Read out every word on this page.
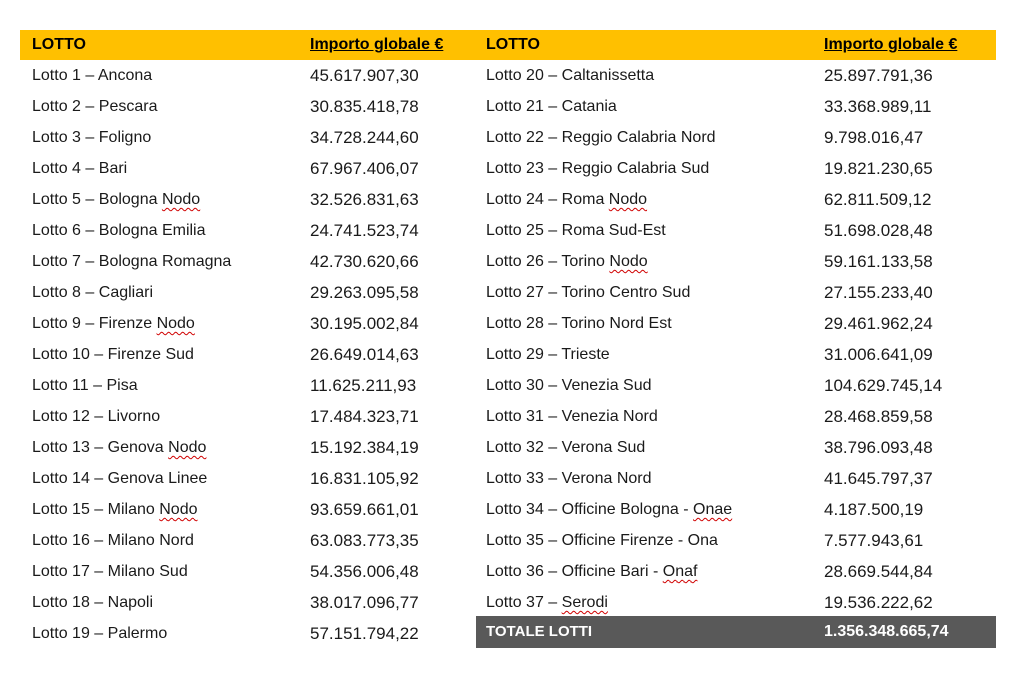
LOTTO	Importo globale €	LOTTO	Importo globale €
Lotto 1 – Ancona	45.617.907,30
Lotto 2 – Pescara	30.835.418,78
Lotto 3 – Foligno	34.728.244,60
Lotto 4 – Bari	67.967.406,07
Lotto 5 – Bologna Nodo	32.526.831,63
Lotto 6 – Bologna Emilia	24.741.523,74
Lotto 7 – Bologna Romagna	42.730.620,66
Lotto 8 – Cagliari	29.263.095,58
Lotto 9 – Firenze Nodo	30.195.002,84
Lotto 10 – Firenze Sud	26.649.014,63
Lotto 11 – Pisa	11.625.211,93
Lotto 12 – Livorno	17.484.323,71
Lotto 13 – Genova Nodo	15.192.384,19
Lotto 14 – Genova Linee	16.831.105,92
Lotto 15 – Milano Nodo	93.659.661,01
Lotto 16 – Milano Nord	63.083.773,35
Lotto 17 – Milano Sud	54.356.006,48
Lotto 18 – Napoli	38.017.096,77
Lotto 19 – Palermo	57.151.794,22
Lotto 20 – Caltanissetta	25.897.791,36
Lotto 21 – Catania	33.368.989,11
Lotto 22 – Reggio Calabria Nord	9.798.016,47
Lotto 23 – Reggio Calabria Sud	19.821.230,65
Lotto 24 – Roma Nodo	62.811.509,12
Lotto 25 – Roma Sud-Est	51.698.028,48
Lotto 26 – Torino Nodo	59.161.133,58
Lotto 27 – Torino Centro Sud	27.155.233,40
Lotto 28 – Torino Nord Est	29.461.962,24
Lotto 29 – Trieste	31.006.641,09
Lotto 30 – Venezia Sud	104.629.745,14
Lotto 31 – Venezia Nord	28.468.859,58
Lotto 32 – Verona Sud	38.796.093,48
Lotto 33 – Verona Nord	41.645.797,37
Lotto 34 – Officine Bologna - Onae	4.187.500,19
Lotto 35 – Officine Firenze - Ona	7.577.943,61
Lotto 36 – Officine Bari - Onaf	28.669.544,84
Lotto 37 – Serodi	19.536.222,62
TOTALE LOTTI	1.356.348.665,74
